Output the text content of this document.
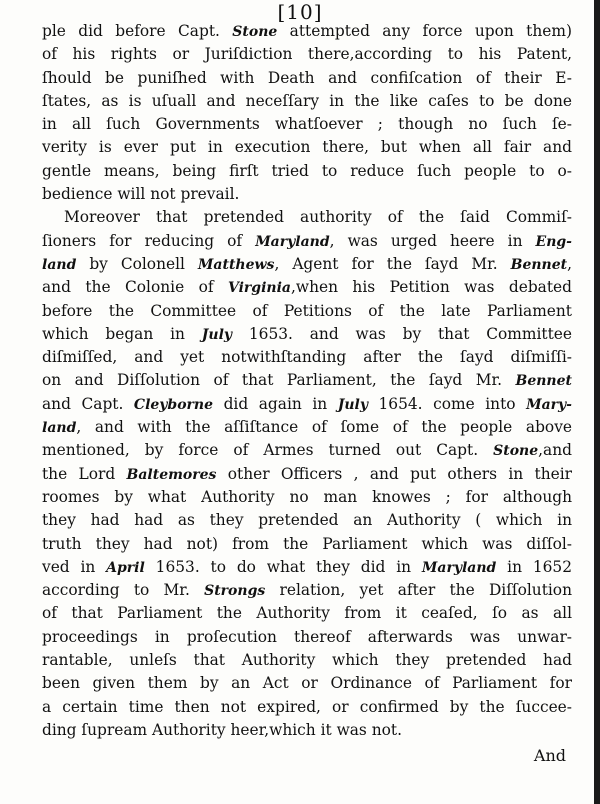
[10]
ple did before Capt. Stone attempted any force upon them)
of his rights or Juriſdiction there,according to his Patent,
ſhould be puniſhed with Death and confiſcation of their E-
ſtates, as is uſuall and neceſſary in the like caſes to be done
in all ſuch Governments whatſoever ; though no ſuch ſe-
verity is ever put in execution there, but when all fair and
gentle means, being firſt tried to reduce ſuch people to o-
bedience will not prevail.
Moreover that pretended authority of the ſaid Commiſ-
ſioners for reducing of Maryland, was urged heere in Eng-
land by Colonell Matthews, Agent for the ſayd Mr. Bennet,
and the Colonie of Virginia,when his Petition was debated
before the Committee of Petitions of the late Parliament
which began in July 1653. and was by that Committee
diſmiſſed, and yet notwithſtanding after the ſayd diſmiſſi-
on and Diſſolution of that Parliament, the ſayd Mr. Bennet
and Capt. Cleyborne did again in July 1654. come into Mary-
land, and with the aſſiſtance of ſome of the people above
mentioned, by force of Armes turned out Capt. Stone,and
the Lord Baltemores other Officers , and put others in their
roomes by what Authority no man knowes ; for although
they had had as they pretended an Authority ( which in
truth they had not) from the Parliament which was diſſol-
ved in April 1653. to do what they did in Maryland in 1652
according to Mr. Strongs relation, yet after the Diſſolution
of that Parliament the Authority from it ceaſed, ſo as all
proceedings in proſecution thereof afterwards was unwar-
rantable, unleſs that Authority which they pretended had
been given them by an Act or Ordinance of Parliament for
a certain time then not expired, or confirmed by the ſuccee-
ding ſupream Authority heer,which it was not.
And
